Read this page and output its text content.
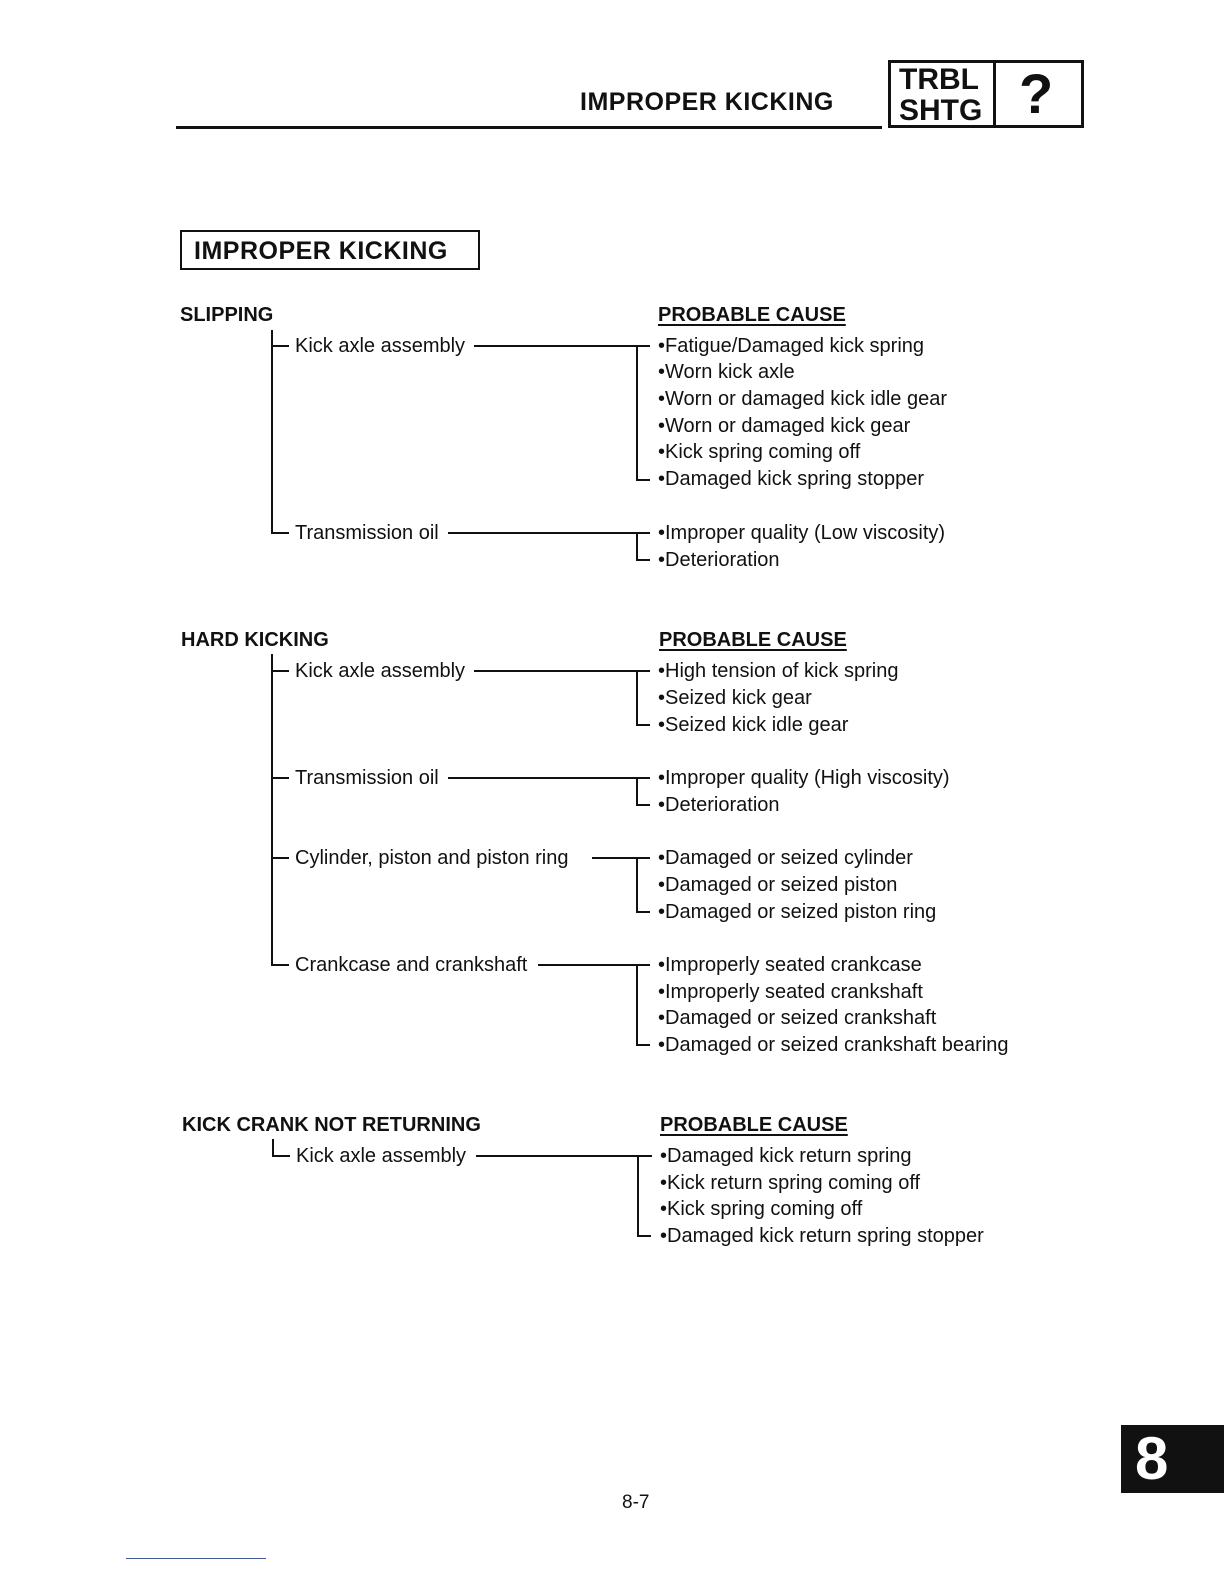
IMPROPER KICKING
TRBL
SHTG ?
IMPROPER KICKING
SLIPPING	PROBABLE CAUSE
Kick axle assembly	•Fatigue/Damaged kick spring
•Worn kick axle
•Worn or damaged kick idle gear
•Worn or damaged kick gear
•Kick spring coming off
•Damaged kick spring stopper
Transmission oil	•Improper quality (Low viscosity)
•Deterioration
HARD KICKING	PROBABLE CAUSE
Kick axle assembly	•High tension of kick spring
•Seized kick gear
•Seized kick idle gear
Transmission oil	•Improper quality (High viscosity)
•Deterioration
Cylinder, piston and piston ring	•Damaged or seized cylinder
•Damaged or seized piston
•Damaged or seized piston ring
Crankcase and crankshaft	•Improperly seated crankcase
•Improperly seated crankshaft
•Damaged or seized crankshaft
•Damaged or seized crankshaft bearing
KICK CRANK NOT RETURNING	PROBABLE CAUSE
Kick axle assembly	•Damaged kick return spring
•Kick return spring coming off
•Kick spring coming off
•Damaged kick return spring stopper
8-7
8
